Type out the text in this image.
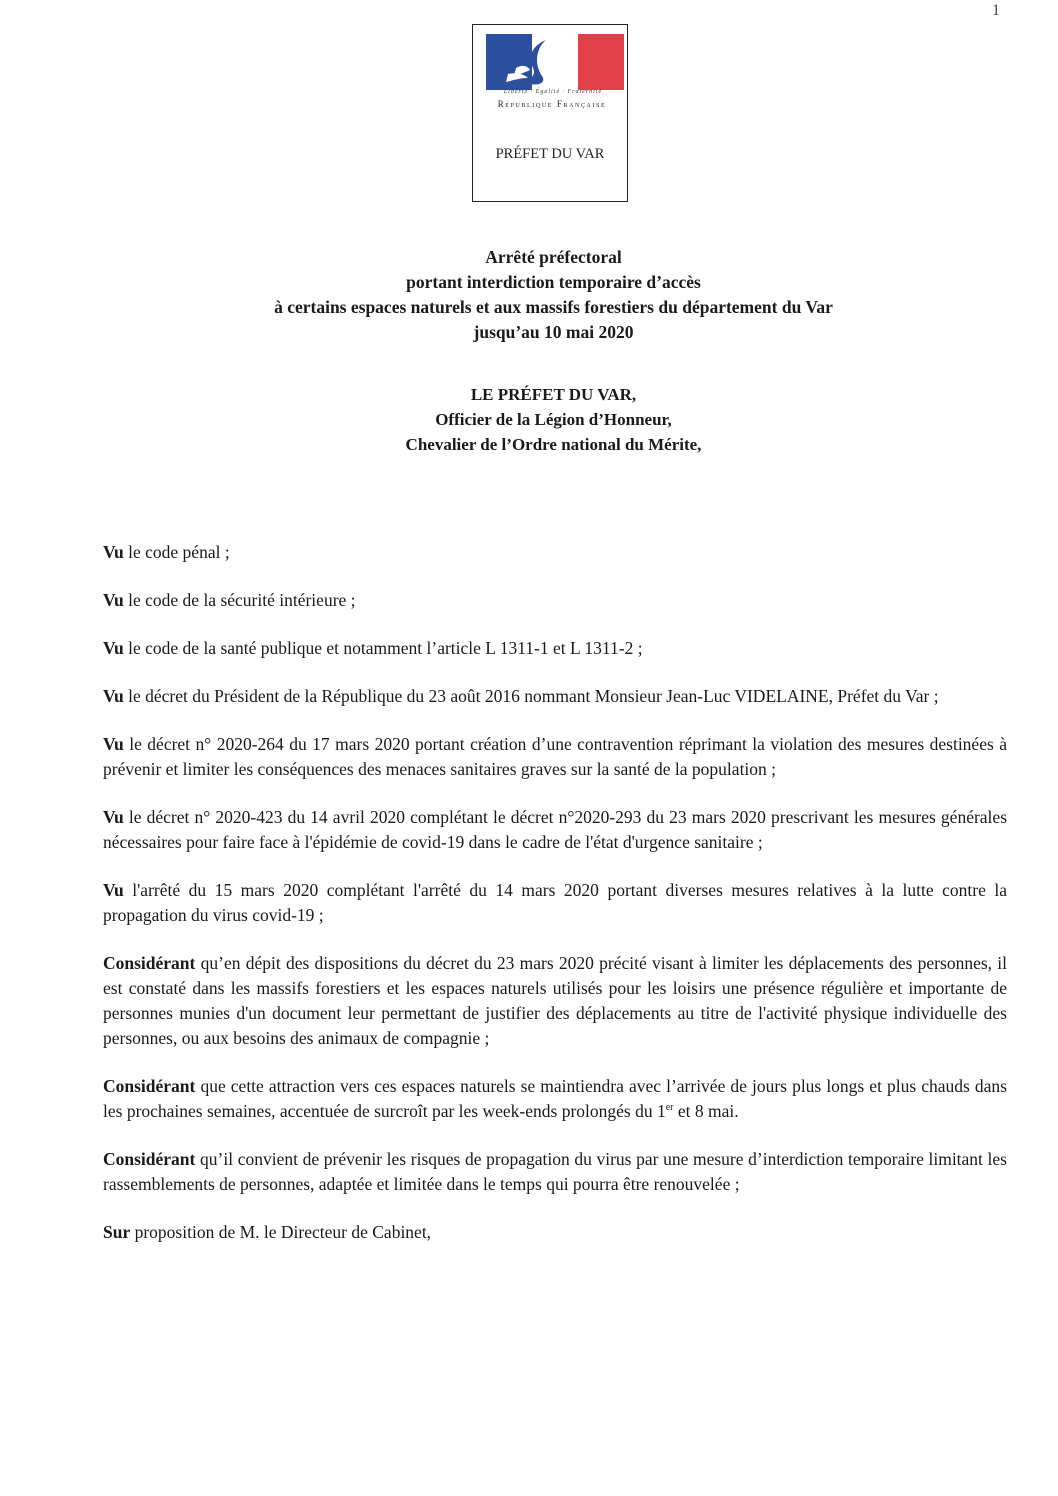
1
Liberté · Égalité · Fraternité
République Française
PRÉFET DU VAR
Arrêté préfectoral
portant interdiction temporaire d’accès
à certains espaces naturels et aux massifs forestiers du département du Var
jusqu’au 10 mai 2020
LE PRÉFET DU VAR,
Officier de la Légion d’Honneur,
Chevalier de l’Ordre national du Mérite,

Vu le code pénal ;

Vu le code de la sécurité intérieure ;

Vu le code de la santé publique et notamment l’article L 1311-1 et L 1311-2 ;

Vu le décret du Président de la République du 23 août 2016 nommant Monsieur Jean-Luc VIDELAINE, Préfet du Var ;

Vu le décret n° 2020-264 du 17 mars 2020 portant création d’une contravention réprimant la violation des mesures destinées à prévenir et limiter les conséquences des menaces sanitaires graves sur la santé de la population ;

Vu le décret n° 2020-423 du 14 avril 2020 complétant le décret n°2020-293 du 23 mars 2020 prescrivant les mesures générales nécessaires pour faire face à l'épidémie de covid-19 dans le cadre de l'état d'urgence sanitaire ;

Vu l'arrêté du 15 mars 2020 complétant l'arrêté du 14 mars 2020 portant diverses mesures relatives à la lutte contre la propagation du virus covid-19 ;

Considérant qu’en dépit des dispositions du décret du 23 mars 2020 précité visant à limiter les déplacements des personnes, il est constaté dans les massifs forestiers et les espaces naturels utilisés pour les loisirs une présence régulière et importante de personnes munies d'un document leur permettant de justifier des déplacements au titre de l'activité physique individuelle des personnes, ou aux besoins des animaux de compagnie ;

Considérant que cette attraction vers ces espaces naturels se maintiendra avec l’arrivée de jours plus longs et plus chauds dans les prochaines semaines, accentuée de surcroît par les week-ends prolongés du 1er et 8 mai.

Considérant qu’il convient de prévenir les risques de propagation du virus par une mesure d’interdiction temporaire limitant les rassemblements de personnes, adaptée et limitée dans le temps qui pourra être renouvelée ;

Sur proposition de M. le Directeur de Cabinet,
